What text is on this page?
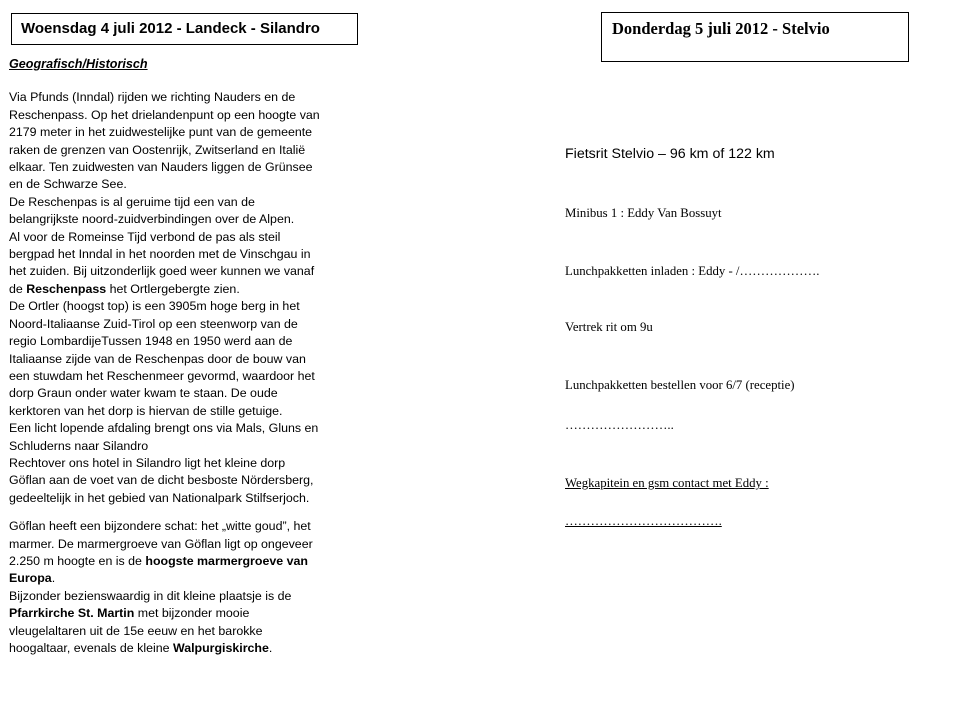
Woensdag 4 juli 2012 - Landeck - Silandro	Donderdag 5 juli 2012 - Stelvio
Geografisch/Historisch
Via Pfunds (Inndal) rijden we richting Nauders en de
Reschenpass. Op het drielandenpunt op een hoogte van
2179 meter in het zuidwestelijke punt van de gemeente
raken de grenzen van Oostenrijk, Zwitserland en Italië
elkaar. Ten zuidwesten van Nauders liggen de Grünsee
en de Schwarze See.
De Reschenpas is al geruime tijd een van de
belangrijkste noord-zuidverbindingen over de Alpen.
Al voor de Romeinse Tijd verbond de pas als steil
bergpad het Inndal in het noorden met de Vinschgau in
het zuiden. Bij uitzonderlijk goed weer kunnen we vanaf
de Reschenpass het Ortlergebergte zien.
De Ortler (hoogst top) is een 3905m hoge berg in het
Noord-Italiaanse Zuid-Tirol op een steenworp van de
regio LombardijeTussen 1948 en 1950 werd aan de
Italiaanse zijde van de Reschenpas door de bouw van
een stuwdam het Reschenmeer gevormd, waardoor het
dorp Graun onder water kwam te staan. De oude
kerktoren van het dorp is hiervan de stille getuige.
Een licht lopende afdaling brengt ons via Mals, Gluns en
Schluderns naar Silandro
Rechtover ons hotel in Silandro ligt het kleine dorp
Göflan aan de voet van de dicht besboste Nördersberg,
gedeeltelijk in het gebied van Nationalpark Stilfserjoch.
Göflan heeft een bijzondere schat: het „witte goud”, het
marmer. De marmergroeve van Göflan ligt op ongeveer
2.250 m hoogte en is de hoogste marmergroeve van
Europa.
Bijzonder bezienswaardig in dit kleine plaatsje is de
Pfarrkirche St. Martin met bijzonder mooie
vleugelaltaren uit de 15e eeuw en het barokke
hoogaltaar, evenals de kleine Walpurgiskirche.
Fietsrit Stelvio – 96 km of 122 km
Minibus 1 : Eddy Van Bossuyt
Lunchpakketten inladen : Eddy - /……………….
Vertrek rit om 9u
Lunchpakketten bestellen voor 6/7 (receptie)
……………………..
Wegkapitein en gsm contact met Eddy :
……………………………….
